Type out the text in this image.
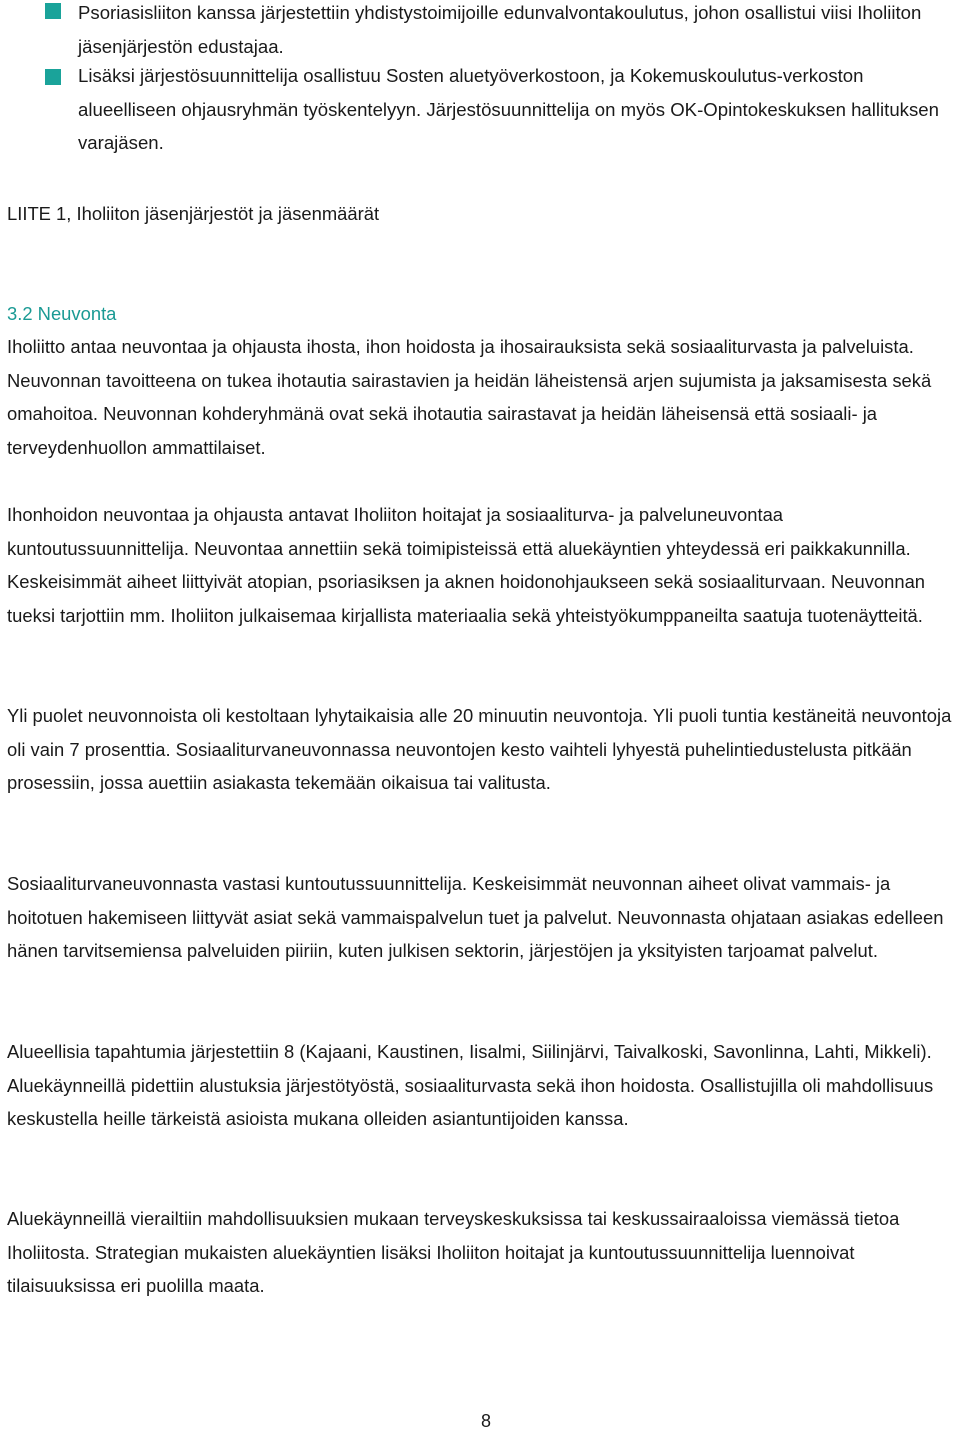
Psoriasisliiton kanssa järjestettiin yhdistystoimijoille edunvalvontakoulutus, johon osallistui viisi Iholiiton jäsenjärjestön edustajaa.

Lisäksi järjestösuunnittelija osallistuu Sosten aluetyöverkostoon, ja Kokemuskoulutus-verkoston alueelliseen ohjausryhmän työskentelyyn. Järjestösuunnittelija on myös OK-Opintokeskuksen hallituksen varajäsen.

LIITE 1, Iholiiton jäsenjärjestöt ja jäsenmäärät

3.2 Neuvonta

Iholiitto antaa neuvontaa ja ohjausta ihosta, ihon hoidosta ja ihosairauksista sekä sosiaaliturvasta ja palveluista. Neuvonnan tavoitteena on tukea ihotautia sairastavien ja heidän läheistensä arjen sujumista ja jaksamisesta sekä omahoitoa. Neuvonnan kohderyhmänä ovat sekä ihotautia sairastavat ja heidän läheisensä että sosiaali- ja terveydenhuollon ammattilaiset.

Ihonhoidon neuvontaa ja ohjausta antavat Iholiiton hoitajat ja sosiaaliturva- ja palveluneuvontaa kuntoutussuunnittelija. Neuvontaa annettiin sekä toimipisteissä että aluekäyntien yhteydessä eri paikkakunnilla. Keskeisimmät aiheet liittyivät atopian, psoriasiksen ja aknen hoidonohjaukseen sekä sosiaaliturvaan. Neuvonnan tueksi tarjottiin mm. Iholiiton julkaisemaa kirjallista materiaalia sekä yhteistyökumppaneilta saatuja tuotenäytteitä.

Yli puolet neuvonnoista oli kestoltaan lyhytaikaisia alle 20 minuutin neuvontoja. Yli puoli tuntia kestäneitä neuvontoja oli vain 7 prosenttia. Sosiaaliturvaneuvonnassa neuvontojen kesto vaihteli lyhyestä puhelintiedustelusta pitkään prosessiin, jossa auettiin asiakasta tekemään oikaisua tai valitusta.

Sosiaaliturvaneuvonnasta vastasi kuntoutussuunnittelija. Keskeisimmät neuvonnan aiheet olivat vammais- ja hoitotuen hakemiseen liittyvät asiat sekä vammaispalvelun tuet ja palvelut. Neuvonnasta ohjataan asiakas edelleen hänen tarvitsemiensa palveluiden piiriin, kuten julkisen sektorin, järjestöjen ja yksityisten tarjoamat palvelut.

Alueellisia tapahtumia järjestettiin 8 (Kajaani, Kaustinen, Iisalmi, Siilinjärvi, Taivalkoski, Savonlinna, Lahti, Mikkeli). Aluekäynneillä pidettiin alustuksia järjestötyöstä, sosiaaliturvasta sekä ihon hoidosta. Osallistujilla oli mahdollisuus keskustella heille tärkeistä asioista mukana olleiden asiantuntijoiden kanssa.

Aluekäynneillä vierailtiin mahdollisuuksien mukaan terveyskeskuksissa tai keskussairaaloissa viemässä tietoa Iholiitosta. Strategian mukaisten aluekäyntien lisäksi Iholiiton hoitajat ja kuntoutussuunnittelija luennoivat tilaisuuksissa eri puolilla maata.

8
